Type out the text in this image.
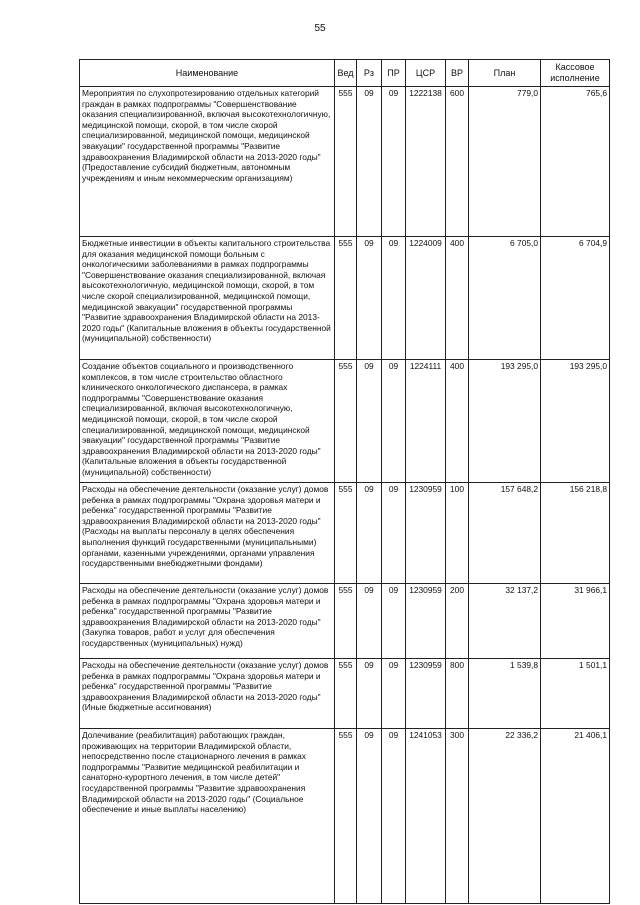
55
Наименование	Вед	Рз	ПР	ЦСР	ВР	План	Кассовое исполнение
Мероприятия по слухопротезированию отдельных категорий граждан в рамках подпрограммы "Совершенствование оказания специализированной, включая высокотехнологичную, медицинской помощи, скорой, в том числе скорой специализированной, медицинской помощи, медицинской эвакуации" государственной программы "Развитие здравоохранения Владимирской области на 2013-2020 годы" (Предоставление субсидий бюджетным, автономным учреждениям и иным некоммерческим организациям)	555	09	09	1222138	600	779,0	765,6
Бюджетные инвестиции в объекты капитального строительства для оказания медицинской помощи больным с онкологическими заболеваниями в рамках подпрограммы "Совершенствование оказания специализированной, включая высокотехнологичную, медицинской помощи, скорой, в том числе скорой специализированной, медицинской помощи, медицинской эвакуации" государственной программы "Развитие здравоохранения Владимирской области на 2013-2020 годы" (Капитальные вложения в объекты государственной (муниципальной) собственности)	555	09	09	1224009	400	6 705,0	6 704,9
Создание объектов социального и производственного комплексов, в том числе строительство областного клинического онкологического диспансера, в рамках подпрограммы "Совершенствование оказания специализированной, включая высокотехнологичную, медицинской помощи, скорой, в том числе скорой специализированной, медицинской помощи, медицинской эвакуации" государственной программы "Развитие здравоохранения Владимирской области на 2013-2020 годы" (Капитальные вложения в объекты государственной (муниципальной) собственности)	555	09	09	1224111	400	193 295,0	193 295,0
Расходы на обеспечение деятельности (оказание услуг) домов ребенка в рамках подпрограммы "Охрана здоровья матери и ребенка" государственной программы "Развитие здравоохранения Владимирской области на 2013-2020 годы" (Расходы на выплаты персоналу в целях обеспечения выполнения функций государственными (муниципальными) органами, казенными учреждениями, органами управления государственными внебюджетными фондами)	555	09	09	1230959	100	157 648,2	156 218,8
Расходы на обеспечение деятельности (оказание услуг) домов ребенка в рамках подпрограммы "Охрана здоровья матери и ребенка" государственной программы "Развитие здравоохранения Владимирской области на 2013-2020 годы" (Закупка товаров, работ и услуг для обеспечения государственных (муниципальных) нужд)	555	09	09	1230959	200	32 137,2	31 966,1
Расходы на обеспечение деятельности (оказание услуг) домов ребенка в рамках подпрограммы "Охрана здоровья матери и ребенка" государственной программы "Развитие здравоохранения Владимирской области на 2013-2020 годы" (Иные бюджетные ассигнования)	555	09	09	1230959	800	1 539,8	1 501,1
Долечивание (реабилитация) работающих граждан, проживающих на территории Владимирской области, непосредственно после стационарного лечения в рамках подпрограммы "Развитие медицинской реабилитации и санаторно-курортного лечения, в том числе детей" государственной программы "Развитие здравоохранения Владимирской области на 2013-2020 годы" (Социальное обеспечение и иные выплаты населению)	555	09	09	1241053	300	22 336,2	21 406,1
